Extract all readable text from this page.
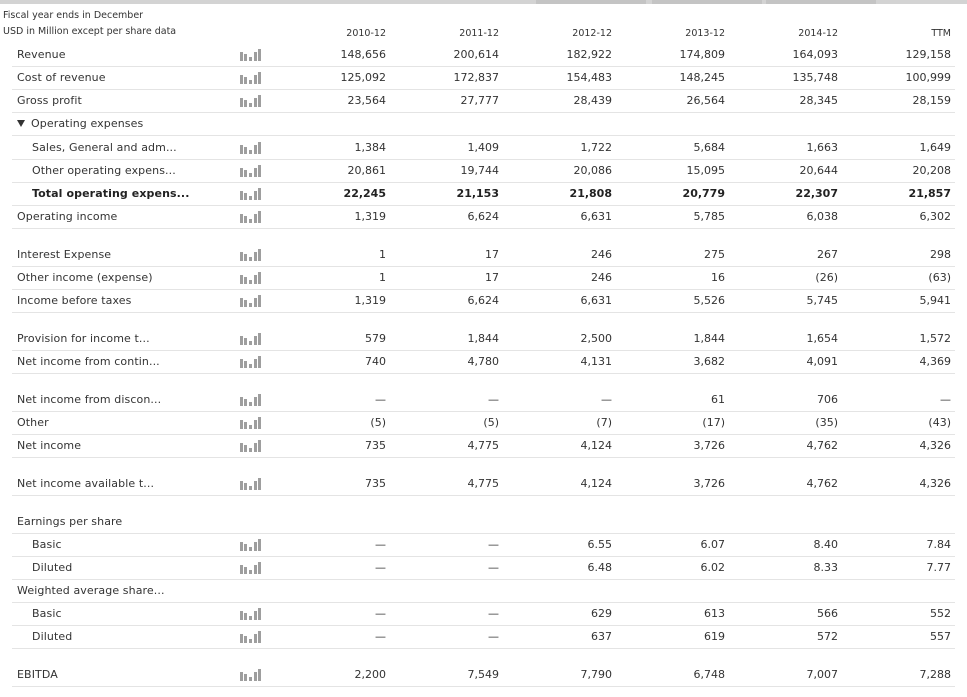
Fiscal year ends in December
USD in Million except per share data	2010-12	2011-12	2012-12	2013-12	2014-12	TTM
Revenue	148,656	200,614	182,922	174,809	164,093	129,158
Cost of revenue	125,092	172,837	154,483	148,245	135,748	100,999
Gross profit	23,564	27,777	28,439	26,564	28,345	28,159
Operating expenses
Sales, General and adm...	1,384	1,409	1,722	5,684	1,663	1,649
Other operating expens...	20,861	19,744	20,086	15,095	20,644	20,208
Total operating expens...	22,245	21,153	21,808	20,779	22,307	21,857
Operating income	1,319	6,624	6,631	5,785	6,038	6,302
Interest Expense	1	17	246	275	267	298
Other income (expense)	1	17	246	16	(26)	(63)
Income before taxes	1,319	6,624	6,631	5,526	5,745	5,941
Provision for income t...	579	1,844	2,500	1,844	1,654	1,572
Net income from contin...	740	4,780	4,131	3,682	4,091	4,369
Net income from discon...	—	—	—	61	706	—
Other	(5)	(5)	(7)	(17)	(35)	(43)
Net income	735	4,775	4,124	3,726	4,762	4,326
Net income available t...	735	4,775	4,124	3,726	4,762	4,326
Earnings per share
Basic	—	—	6.55	6.07	8.40	7.84
Diluted	—	—	6.48	6.02	8.33	7.77
Weighted average share...
Basic	—	—	629	613	566	552
Diluted	—	—	637	619	572	557
EBITDA	2,200	7,549	7,790	6,748	7,007	7,288
